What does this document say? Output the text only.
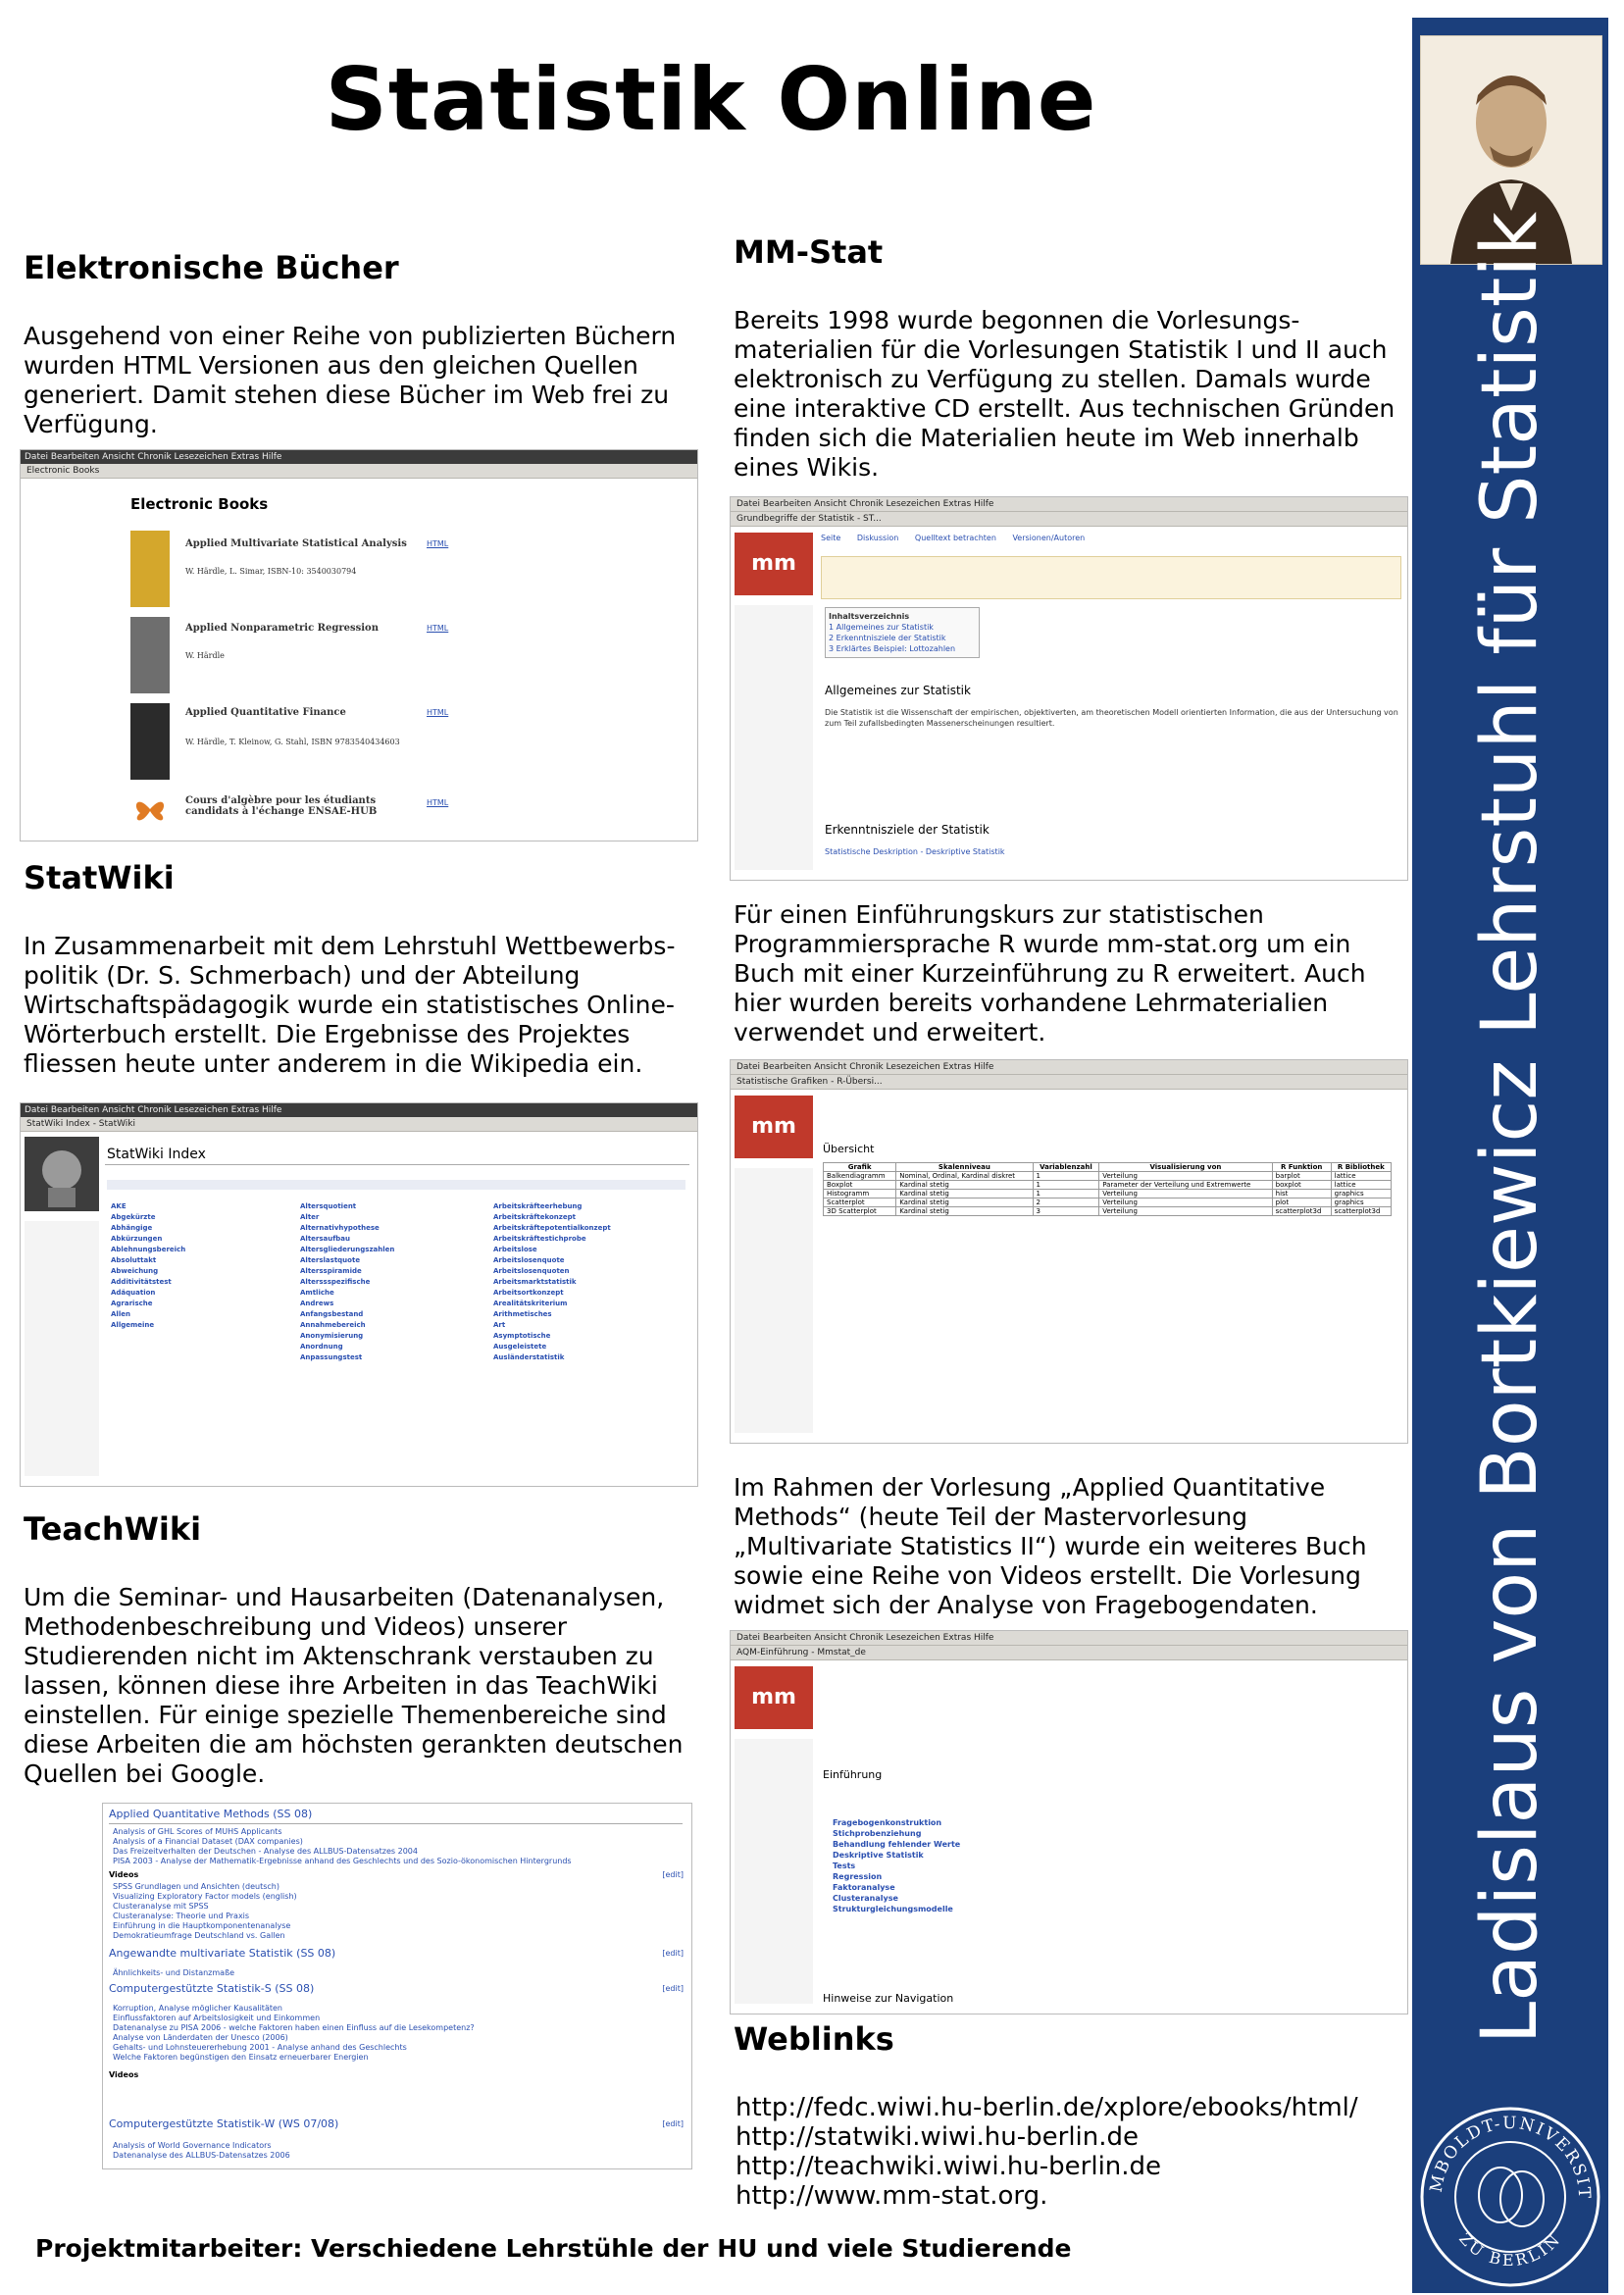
Statistik Online
Elektronische Bücher

Ausgehend von einer Reihe von publizierten Büchern wurden HTML Versionen aus den gleichen Quellen generiert. Damit stehen diese Bücher im Web frei zu Verfügung.

Datei Bearbeiten Ansicht Chronik Lesezeichen Extras Hilfe
Electronic Books
Electronic Books
Applied Multivariate Statistical Analysis
W. Härdle, L. Simar, ISBN-10: 3540030794
HTML
Applied Nonparametric Regression
W. Härdle
HTML
Applied Quantitative Finance
W. Härdle, T. Kleinow, G. Stahl, ISBN 9783540434603
HTML
Cours d'algèbre pour les étudiants candidats à l'échange ENSAE-HUB
HTML
StatWiki

In Zusammenarbeit mit dem Lehrstuhl Wettbewerbs-politik (Dr. S. Schmerbach) und der Abteilung Wirtschaftspädagogik wurde ein statistisches Online-Wörterbuch erstellt. Die Ergebnisse des Projektes fliessen heute unter anderem in die Wikipedia ein.

Datei Bearbeiten Ansicht Chronik Lesezeichen Extras Hilfe
StatWiki Index - StatWiki
StatWiki Index
AKE
Abgekürzte
Abhängige
Abkürzungen
Ablehnungsbereich
Absoluttakt
Abweichung
Additivitätstest
Adäquation
Agrarische
Allen
Allgemeine
Altersquotient
Alter
Alternativhypothese
Altersaufbau
Altersgliederungszahlen
Alterslastquote
Altersspiramide
Alterssspezifische
Amtliche
Andrews
Anfangsbestand
Annahmebereich
Anonymisierung
Anordnung
Anpassungstest
Arbeitskräfteerhebung
Arbeitskräftekonzept
Arbeitskräftepotentialkonzept
Arbeitskräftestichprobe
Arbeitslose
Arbeitslosenquote
Arbeitslosenquoten
Arbeitsmarktstatistik
Arbeitsortkonzept
Arealitätskriterium
Arithmetisches
Art
Asymptotische
Ausgeleistete
Ausländerstatistik
TeachWiki

Um die Seminar- und Hausarbeiten (Datenanalysen, Methodenbeschreibung und Videos) unserer Studierenden nicht im Aktenschrank verstauben zu lassen, können diese ihre Arbeiten in das TeachWiki einstellen. Für einige spezielle Themenbereiche sind diese Arbeiten die am höchsten gerankten deutschen Quellen bei Google.

Applied Quantitative Methods (SS 08)
Analysis of GHL Scores of MUHS Applicants
Analysis of a Financial Dataset (DAX companies)
Das Freizeitverhalten der Deutschen - Analyse des ALLBUS-Datensatzes 2004
PISA 2003 - Analyse der Mathematik-Ergebnisse anhand des Geschlechts und des Sozio-ökonomischen Hintergrunds
Videos	[edit]
SPSS Grundlagen und Ansichten (deutsch)
Visualizing Exploratory Factor models (english)
Clusteranalyse mit SPSS
Clusteranalyse: Theorie und Praxis
Einführung in die Hauptkomponentenanalyse
Demokratieumfrage Deutschland vs. Gallen
Angewandte multivariate Statistik (SS 08)	[edit]
Ähnlichkeits- und Distanzmaße
Computergestützte Statistik-S (SS 08)	[edit]
Korruption, Analyse möglicher Kausalitäten
Einflussfaktoren auf Arbeitslosigkeit und Einkommen
Datenanalyse zu PISA 2006 - welche Faktoren haben einen Einfluss auf die Lesekompetenz?
Analyse von Länderdaten der Unesco (2006)
Gehalts- und Lohnsteuererhebung 2001 - Analyse anhand des Geschlechts
Welche Faktoren begünstigen den Einsatz erneuerbarer Energien
Videos
Computergestützte Statistik-W (WS 07/08)	[edit]
Analysis of World Governance Indicators
Datenanalyse des ALLBUS-Datensatzes 2006
MM-Stat

Bereits 1998 wurde begonnen die Vorlesungs-materialien für die Vorlesungen Statistik I und II auch elektronisch zu Verfügung zu stellen. Damals wurde eine interaktive CD erstellt. Aus technischen Gründen finden sich die Materialien heute im Web innerhalb eines Wikis.

Datei Bearbeiten Ansicht Chronik Lesezeichen Extras Hilfe
Grundbegriffe der Statistik - ST...
mm
Seite Diskussion Quelltext betrachten Versionen/Autoren
Inhaltsverzeichnis
1 Allgemeines zur Statistik
2 Erkenntnisziele der Statistik
3 Erklärtes Beispiel: Lottozahlen
Allgemeines zur Statistik
Die Statistik ist die Wissenschaft der empirischen, objektiverten, am theoretischen Modell orientierten Information, die aus der Untersuchung von zum Teil zufallsbedingten Massenerscheinungen resultiert.
Erkenntnisziele der Statistik
Statistische Deskription - Deskriptive Statistik

Für einen Einführungskurs zur statistischen Programmiersprache R wurde mm-stat.org um ein Buch mit einer Kurzeinführung zu R erweitert. Auch hier wurden bereits vorhandene Lehrmaterialien verwendet und erweitert.

Datei Bearbeiten Ansicht Chronik Lesezeichen Extras Hilfe
Statistische Grafiken - R-Übersi...
mm
Übersicht
Grafik	Skalenniveau	Variablenzahl	Visualisierung von	R Funktion	R Bibliothek
Balkendiagramm	Nominal, Ordinal, Kardinal diskret	1	Verteilung	barplot	lattice
Boxplot	Kardinal stetig	1	Parameter der Verteilung und Extremwerte	boxplot	lattice
Histogramm	Kardinal stetig	1	Verteilung	hist	graphics
Scatterplot	Kardinal stetig	2	Verteilung	plot	graphics
3D Scatterplot	Kardinal stetig	3	Verteilung	scatterplot3d	scatterplot3d

Im Rahmen der Vorlesung „Applied Quantitative Methods“ (heute Teil der Mastervorlesung „Multivariate Statistics II“) wurde ein weiteres Buch sowie eine Reihe von Videos erstellt. Die Vorlesung widmet sich der Analyse von Fragebogendaten.

Datei Bearbeiten Ansicht Chronik Lesezeichen Extras Hilfe
AQM-Einführung - Mmstat_de
mm
Einführung
Fragebogenkonstruktion
Stichprobenziehung
Behandlung fehlender Werte
Deskriptive Statistik
Tests
Regression
Faktoranalyse
Clusteranalyse
Strukturgleichungsmodelle
Hinweise zur Navigation
Weblinks

http://fedc.wiwi.hu-berlin.de/xplore/ebooks/html/

http://statwiki.wiwi.hu-berlin.de

http://teachwiki.wiwi.hu-berlin.de

http://www.mm-stat.org.

Projektmitarbeiter: Verschiedene Lehrstühle der HU und viele Studierende

Ladislaus von Bortkiewicz Lehrstuhl für Statistik
MBOLDT-UNIVERSIT
ZU BERLIN
